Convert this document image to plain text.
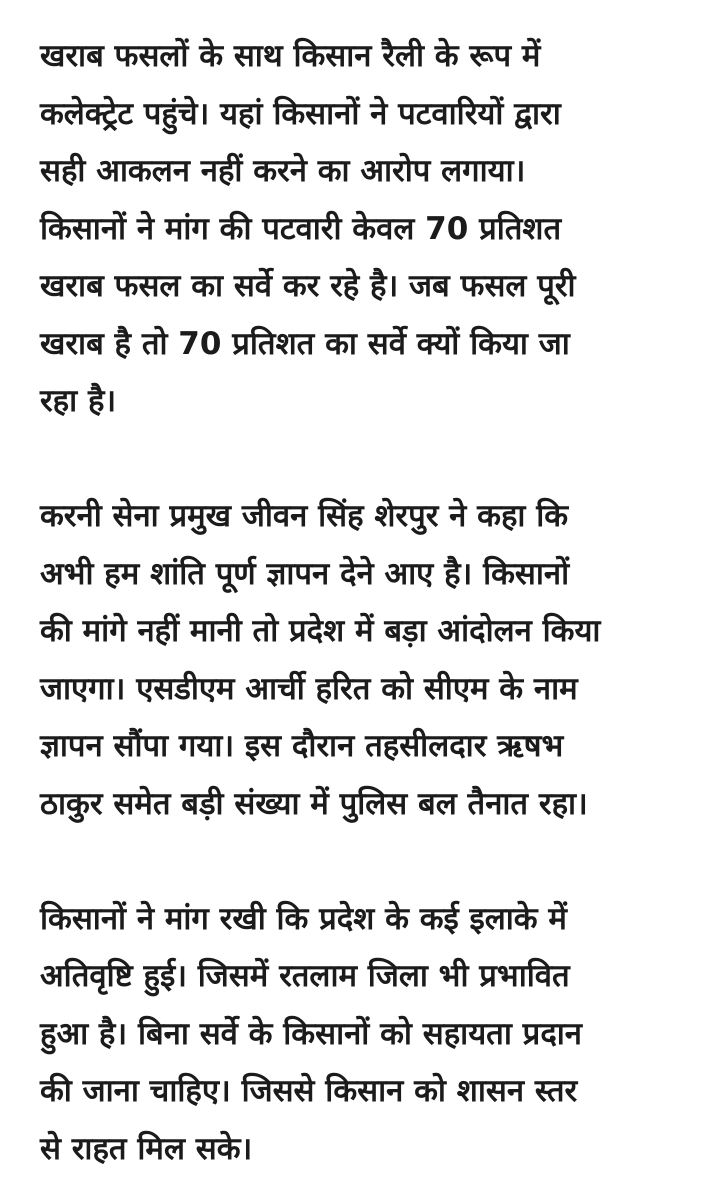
खराब फसलों के साथ किसान रैली के रूप में
कलेक्ट्रेट पहुंचे। यहां किसानों ने पटवारियों द्वारा
सही आकलन नहीं करने का आरोप लगाया।
किसानों ने मांग की पटवारी केवल 70 प्रतिशत
खराब फसल का सर्वे कर रहे है। जब फसल पूरी
खराब है तो 70 प्रतिशत का सर्वे क्यों किया जा
रहा है।

करनी सेना प्रमुख जीवन सिंह शेरपुर ने कहा कि
अभी हम शांति पूर्ण ज्ञापन देने आए है। किसानों
की मांगे नहीं मानी तो प्रदेश में बड़ा आंदोलन किया
जाएगा। एसडीएम आर्ची हरित को सीएम के नाम
ज्ञापन सौंपा गया। इस दौरान तहसीलदार ऋषभ
ठाकुर समेत बड़ी संख्या में पुलिस बल तैनात रहा।

किसानों ने मांग रखी कि प्रदेश के कई इलाके में
अतिवृष्टि हुई। जिसमें रतलाम जिला भी प्रभावित
हुआ है। बिना सर्वे के किसानों को सहायता प्रदान
की जाना चाहिए। जिससे किसान को शासन स्तर
से राहत मिल सके।
